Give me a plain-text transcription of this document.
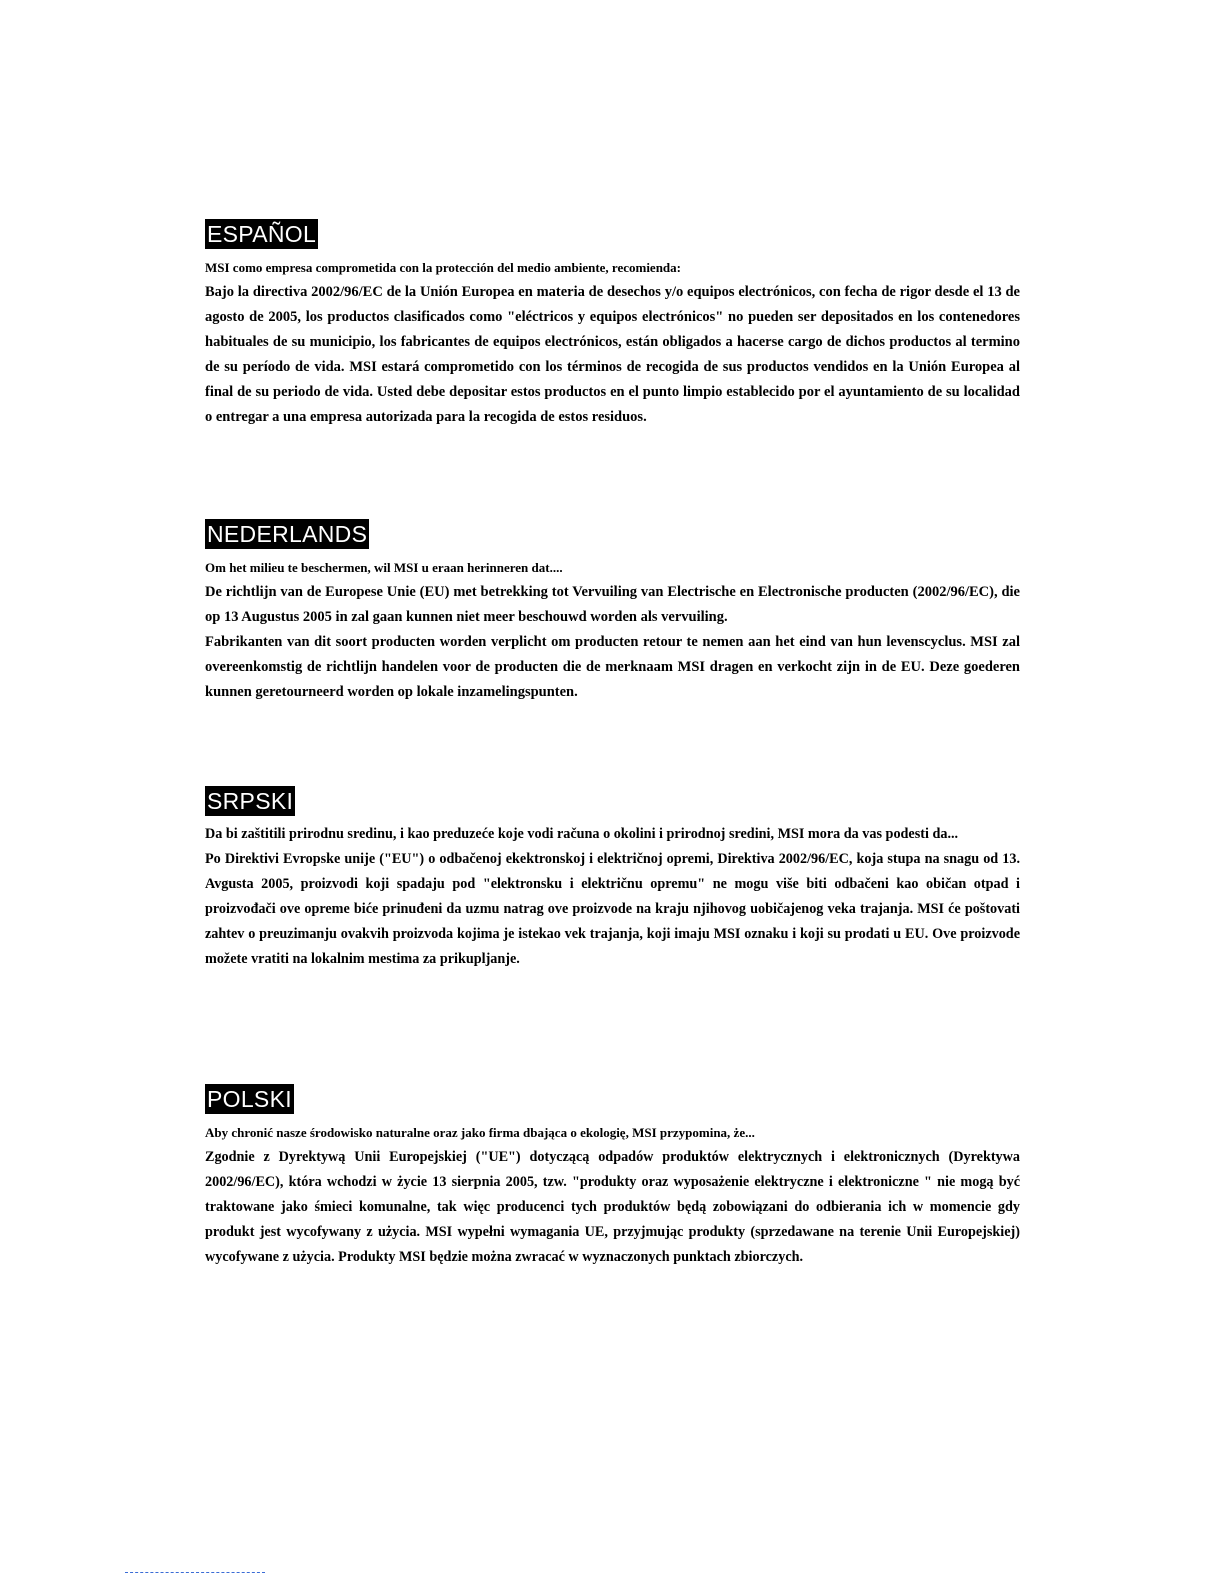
ESPAÑOL

MSI como empresa comprometida con la protección del medio ambiente, recomienda:

Bajo la directiva 2002/96/EC de la Unión Europea en materia de desechos y/o equipos electrónicos, con fecha de rigor desde el 13 de agosto de 2005, los productos clasificados como "eléctricos y equipos electrónicos" no pueden ser depositados en los contenedores habituales de su municipio, los fabricantes de equipos electrónicos, están obligados a hacerse cargo de dichos productos al termino de su período de vida. MSI estará comprometido con los términos de recogida de sus productos vendidos en la Unión Europea al final de su periodo de vida. Usted debe depositar estos productos en el punto limpio establecido por el ayuntamiento de su localidad o entregar a una empresa autorizada para la recogida de estos residuos.

NEDERLANDS

Om het milieu te beschermen, wil MSI u eraan herinneren dat....

De richtlijn van de Europese Unie (EU) met betrekking tot Vervuiling van Electrische en Electronische producten (2002/96/EC), die op 13 Augustus 2005 in zal gaan kunnen niet meer beschouwd worden als vervuiling.

Fabrikanten van dit soort producten worden verplicht om producten retour te nemen aan het eind van hun levenscyclus. MSI zal overeenkomstig de richtlijn handelen voor de producten die de merknaam MSI dragen en verkocht zijn in de EU. Deze goederen kunnen geretourneerd worden op lokale inzamelingspunten.

SRPSKI

Da bi zaštitili prirodnu sredinu, i kao preduzeće koje vodi računa o okolini i prirodnoj sredini, MSI mora da vas podesti da...

Po Direktivi Evropske unije ("EU") o odbačenoj ekektronskoj i električnoj opremi, Direktiva 2002/96/EC, koja stupa na snagu od 13. Avgusta 2005, proizvodi koji spadaju pod "elektronsku i električnu opremu" ne mogu više biti odbačeni kao običan otpad i proizvođači ove opreme biće prinuđeni da uzmu natrag ove proizvode na kraju njihovog uobičajenog veka trajanja. MSI će poštovati zahtev o preuzimanju ovakvih proizvoda kojima je istekao vek trajanja, koji imaju MSI oznaku i koji su prodati u EU. Ove proizvode možete vratiti na lokalnim mestima za prikupljanje.

POLSKI

Aby chronić nasze środowisko naturalne oraz jako firma dbająca o ekologię, MSI przypomina, że...

Zgodnie z Dyrektywą Unii Europejskiej ("UE") dotyczącą odpadów produktów elektrycznych i elektronicznych (Dyrektywa 2002/96/EC), która wchodzi w życie 13 sierpnia 2005, tzw. "produkty oraz wyposażenie elektryczne i elektroniczne " nie mogą być traktowane jako śmieci komunalne, tak więc producenci tych produktów będą zobowiązani do odbierania ich w momencie gdy produkt jest wycofywany z użycia. MSI wypełni wymagania UE, przyjmując produkty (sprzedawane na terenie Unii Europejskiej) wycofywane z użycia. Produkty MSI będzie można zwracać w wyznaczonych punktach zbiorczych.
